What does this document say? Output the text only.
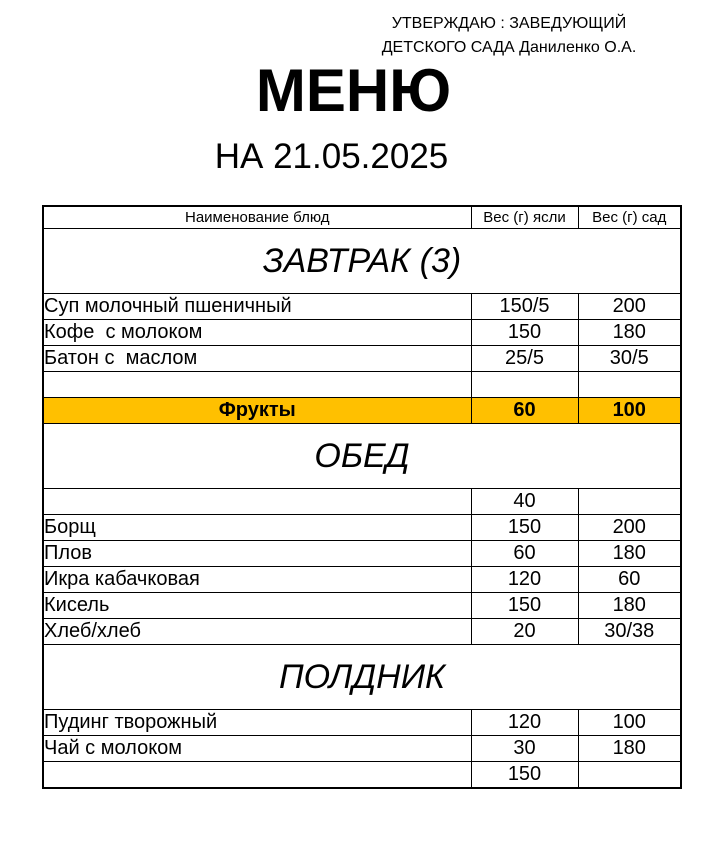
УТВЕРЖДАЮ : ЗАВЕДУЮЩИЙ
ДЕТСКОГО САДА Даниленко О.А.
МЕНЮ
НА 21.05.2025
Наименование блюд	Вес (г) ясли	Вес (г) сад
ЗАВТРАК (3)		
Суп молочный пшеничный	150/5	200
Кофе  с молоком	150	180
Батон с  маслом	25/5	30/5

Фрукты	60	100
ОБЕД		
	40	
Борщ	150	200
Плов	60	180
Икра кабачковая	120	60
Кисель	150	180
Хлеб/хлеб	20	30/38
ПОЛДНИК		
Пудинг творожный	120	100
Чай с молоком	30	180
	150	
